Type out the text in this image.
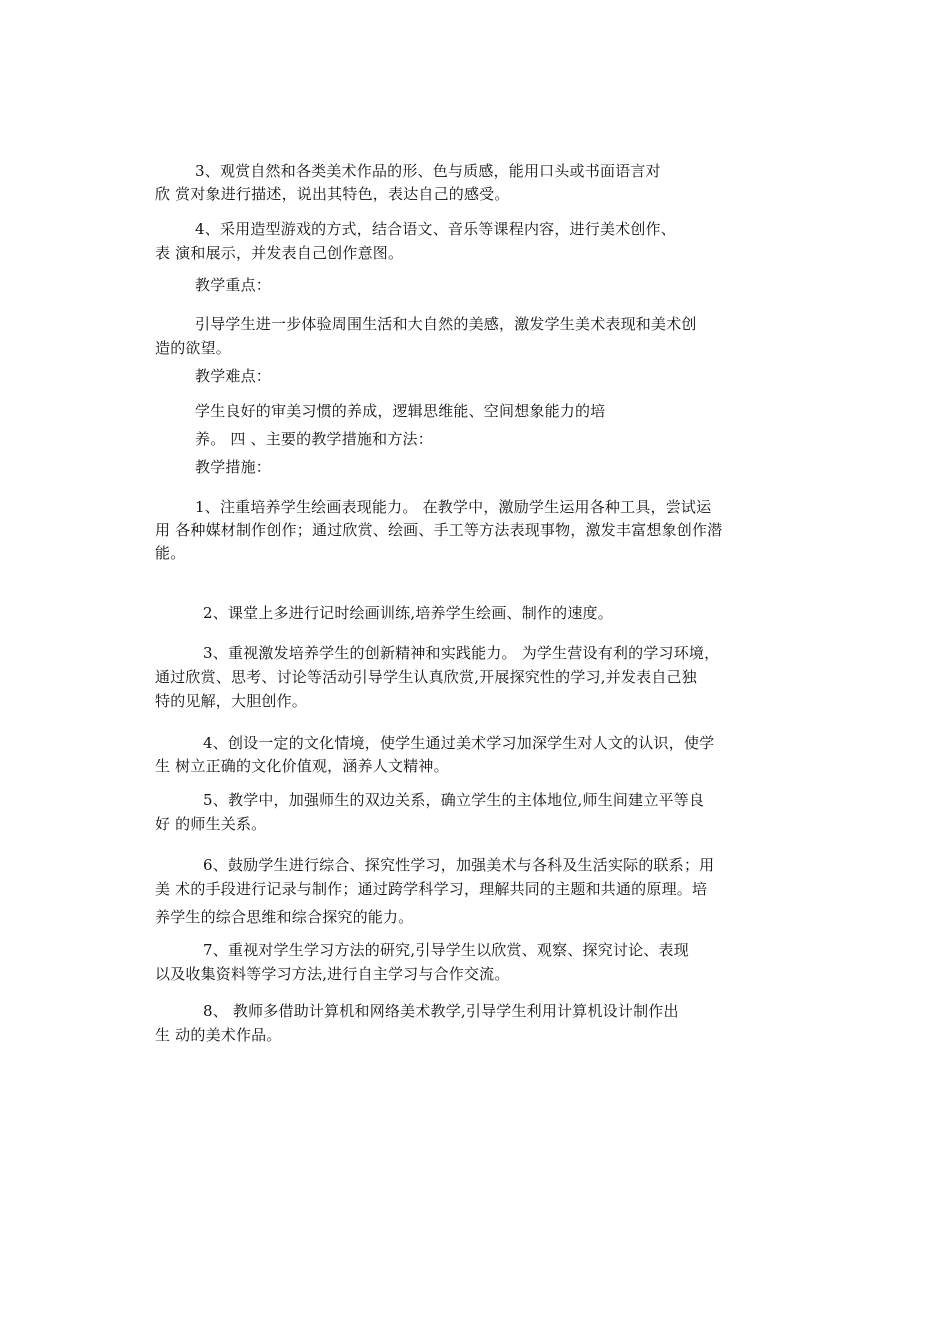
3、观赏自然和各类美术作品的形、色与质感，能用口头或书面语言对
欣 赏对象进行描述，说出其特色，表达自己的感受。
4、采用造型游戏的方式，结合语文、音乐等课程内容，进行美术创作、
表 演和展示，并发表自己创作意图。
教学重点：
引导学生进一步体验周围生活和大自然的美感，激发学生美术表现和美术创
造的欲望。
教学难点：
学生良好的审美习惯的养成，逻辑思维能、空间想象能力的培
养。 四 、主要的教学措施和方法：
教学措施：
1、注重培养学生绘画表现能力。 在教学中，激励学生运用各种工具，尝试运
用 各种媒材制作创作；通过欣赏、绘画、手工等方法表现事物，激发丰富想象创作潜
能。
2、课堂上多进行记时绘画训练,培养学生绘画、制作的速度。
3、重视激发培养学生的创新精神和实践能力。 为学生营设有利的学习环境，
通过欣赏、思考、讨论等活动引导学生认真欣赏,开展探究性的学习,并发表自己独
特的见解，大胆创作。
4、创设一定的文化情境，使学生通过美术学习加深学生对人文的认识，使学
生 树立正确的文化价值观，涵养人文精神。
5、教学中，加强师生的双边关系，确立学生的主体地位,师生间建立平等良
好 的师生关系。
6、鼓励学生进行综合、探究性学习，加强美术与各科及生活实际的联系；用
美 术的手段进行记录与制作；通过跨学科学习，理解共同的主题和共通的原理。培
养学生的综合思维和综合探究的能力。
7、重视对学生学习方法的研究,引导学生以欣赏、观察、探究讨论、表现
以及收集资料等学习方法,进行自主学习与合作交流。
8、 教师多借助计算机和网络美术教学,引导学生利用计算机设计制作出
生 动的美术作品。
